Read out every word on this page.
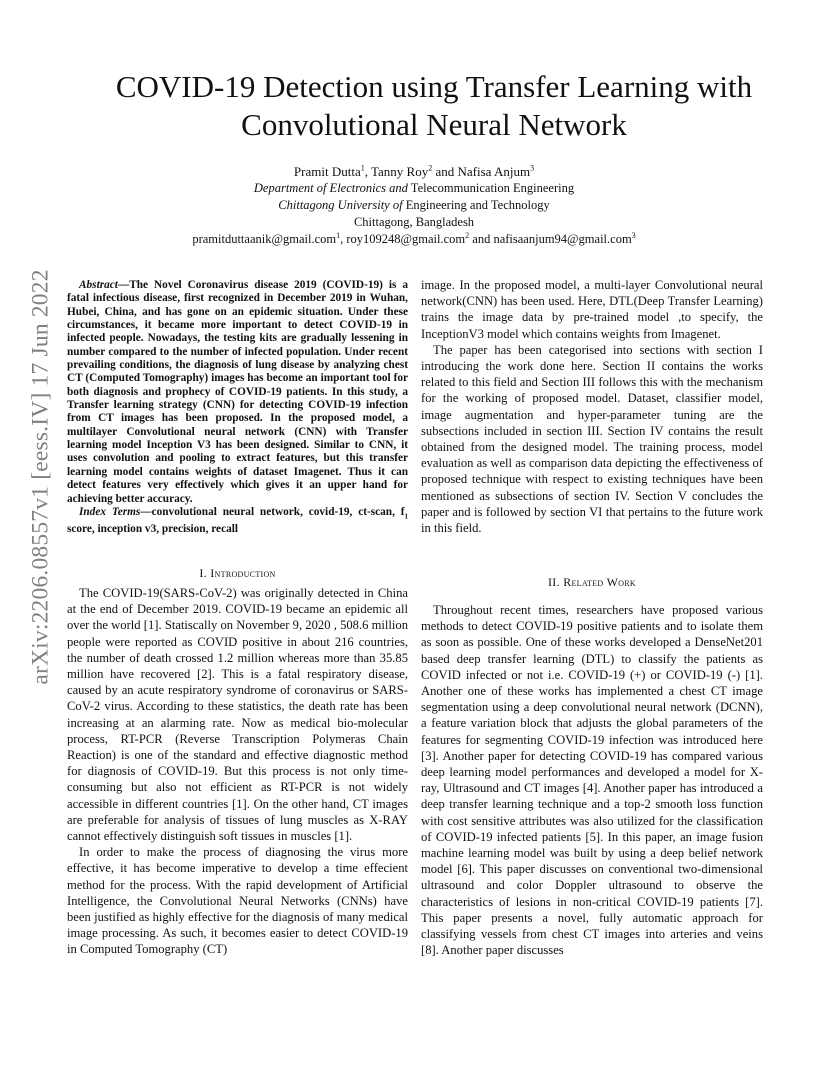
arXiv:2206.08557v1 [eess.IV] 17 Jun 2022
COVID-19 Detection using Transfer Learning with
Convolutional Neural Network
Pramit Dutta$^1$, Tanny Roy$^2$ and Nafisa Anjum$^3$
Department of Electronics and Telecommunication Engineering
Chittagong University of Engineering and Technology
Chittagong, Bangladesh
pramitduttaanik@gmail.com$^1$, roy109248@gmail.com$^2$ and nafisaanjum94@gmail.com$^3$

Abstract—The Novel Coronavirus disease 2019 (COVID-19) is a fatal infectious disease, first recognized in December 2019 in Wuhan, Hubei, China, and has gone on an epidemic situation. Under these circumstances, it became more important to detect COVID-19 in infected people. Nowadays, the testing kits are gradually lessening in number compared to the number of infected population. Under recent prevailing conditions, the diagnosis of lung disease by analyzing chest CT (Computed Tomography) images has become an important tool for both diagnosis and prophecy of COVID-19 patients. In this study, a Transfer learning strategy (CNN) for detecting COVID-19 infection from CT images has been proposed. In the proposed model, a multilayer Convolutional neural network (CNN) with Transfer learning model Inception V3 has been designed. Similar to CNN, it uses convolution and pooling to extract features, but this transfer learning model contains weights of dataset Imagenet. Thus it can detect features very effectively which gives it an upper hand for achieving better accuracy.

Index Terms—convolutional neural network, covid-19, ct-scan, $f_1$ score, inception v3, precision, recall

I. Introduction

The COVID-19(SARS-CoV-2) was originally detected in China at the end of December 2019. COVID-19 became an epidemic all over the world [1]. Statiscally on November 9, 2020 , 508.6 million people were reported as COVID positive in about 216 countries, the number of death crossed 1.2 million whereas more than 35.85 million have recovered [2]. This is a fatal respiratory disease, caused by an acute respiratory syndrome of coronavirus or SARS-CoV-2 virus. According to these statistics, the death rate has been increasing at an alarming rate. Now as medical bio-molecular process, RT-PCR (Reverse Transcription Polymeras Chain Reaction) is one of the standard and effective diagnostic method for diagnosis of COVID-19. But this process is not only time-consuming but also not efficient as RT-PCR is not widely accessible in different countries [1]. On the other hand, CT images are preferable for analysis of tissues of lung muscles as X-RAY cannot effectively distinguish soft tissues in muscles [1].

In order to make the process of diagnosing the virus more effective, it has become imperative to develop a time effecient method for the process. With the rapid development of Artificial Intelligence, the Convolutional Neural Networks (CNNs) have been justified as highly effective for the diagnosis of many medical image processing. As such, it becomes easier to detect COVID-19 in Computed Tomography (CT)

image. In the proposed model, a multi-layer Convolutional neural network(CNN) has been used. Here, DTL(Deep Transfer Learning) trains the image data by pre-trained model ,to specify, the InceptionV3 model which contains weights from Imagenet.

The paper has been categorised into sections with section I introducing the work done here. Section II contains the works related to this field and Section III follows this with the mechanism for the working of proposed model. Dataset, classifier model, image augmentation and hyper-parameter tuning are the subsections included in section III. Section IV contains the result obtained from the designed model. The training process, model evaluation as well as comparison data depicting the effectiveness of proposed technique with respect to existing techniques have been mentioned as subsections of section IV. Section V concludes the paper and is followed by section VI that pertains to the future work in this field.

II. Related Work

Throughout recent times, researchers have proposed various methods to detect COVID-19 positive patients and to isolate them as soon as possible. One of these works developed a DenseNet201 based deep transfer learning (DTL) to classify the patients as COVID infected or not i.e. COVID-19 (+) or COVID-19 (-) [1]. Another one of these works has implemented a chest CT image segmentation using a deep convolutional neural network (DCNN), a feature variation block that adjusts the global parameters of the features for segmenting COVID-19 infection was introduced here [3]. Another paper for detecting COVID-19 has compared various deep learning model performances and developed a model for X-ray, Ultrasound and CT images [4]. Another paper has introduced a deep transfer learning technique and a top-2 smooth loss function with cost sensitive attributes was also utilized for the classification of COVID-19 infected patients [5]. In this paper, an image fusion machine learning model was built by using a deep belief network model [6]. This paper discusses on conventional two-dimensional ultrasound and color Doppler ultrasound to observe the characteristics of lesions in non-critical COVID-19 patients [7]. This paper presents a novel, fully automatic approach for classifying vessels from chest CT images into arteries and veins [8]. Another paper discusses
